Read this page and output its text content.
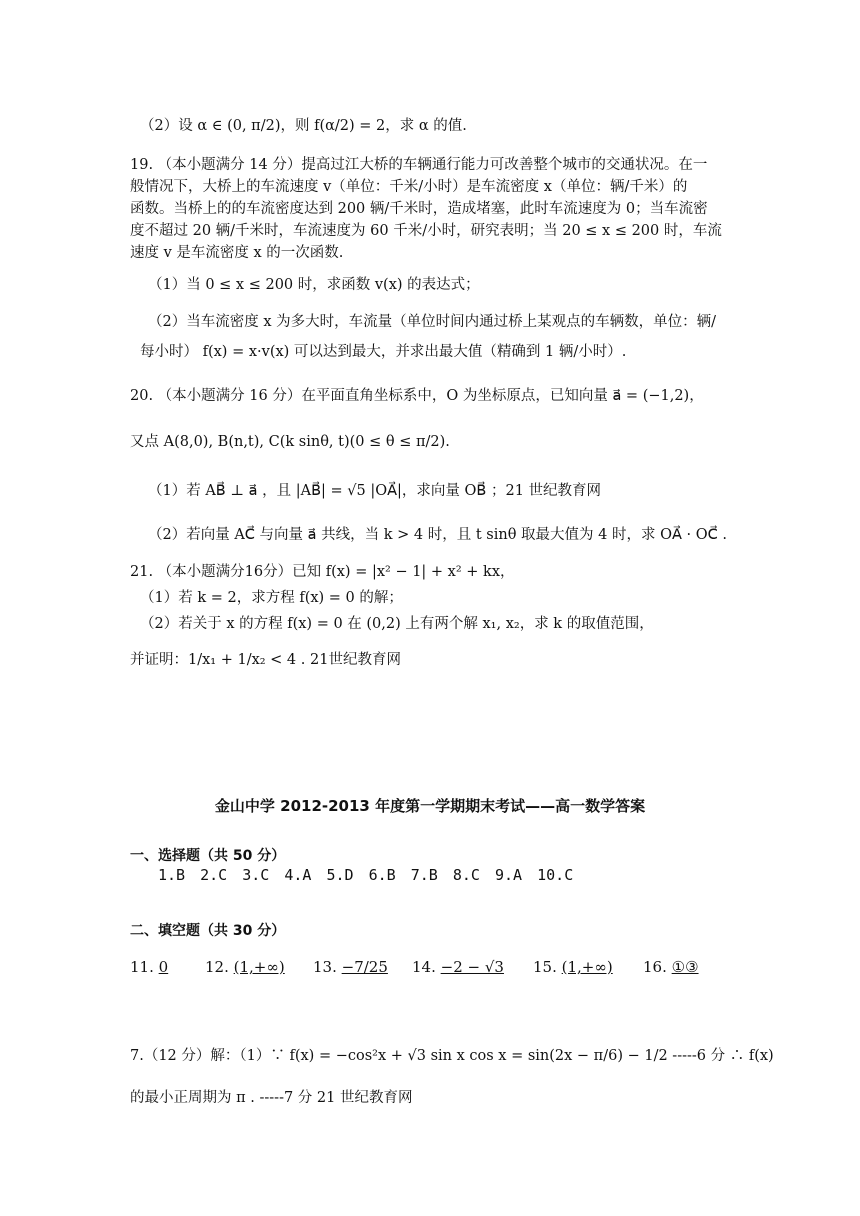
（2）设 α ∈ (0, π/2)，则 f(α/2) = 2，求 α 的值.
19. （本小题满分 14 分）提高过江大桥的车辆通行能力可改善整个城市的交通状况。在一
般情况下，大桥上的车流速度 v（单位：千米/小时）是车流密度 x（单位：辆/千米）的
函数。当桥上的的车流密度达到 200 辆/千米时，造成堵塞，此时车流速度为 0；当车流密
度不超过 20 辆/千米时，车流速度为 60 千米/小时，研究表明；当 20 ≤ x ≤ 200 时，车流
速度 v 是车流密度 x 的一次函数.
（1）当 0 ≤ x ≤ 200 时，求函数 v(x) 的表达式；
（2）当车流密度 x 为多大时，车流量（单位时间内通过桥上某观点的车辆数，单位：辆/
每小时） f(x) = x·v(x) 可以达到最大，并求出最大值（精确到 1 辆/小时）.
20. （本小题满分 16 分）在平面直角坐标系中，O 为坐标原点，已知向量 a⃗ = (−1,2)，
又点 A(8,0), B(n,t), C(k sinθ, t)(0 ≤ θ ≤ π/2).
（1）若 AB⃗ ⊥ a⃗ ，且 |AB⃗| = √5 |OA⃗|，求向量 OB⃗ ；21 世纪教育网
（2）若向量 AC⃗ 与向量 a⃗ 共线，当 k > 4 时，且 t sinθ 取最大值为 4 时，求 OA⃗ · OC⃗ .
21. （本小题满分16分）已知 f(x) = |x² − 1| + x² + kx，
（1）若 k = 2，求方程 f(x) = 0 的解；
（2）若关于 x 的方程 f(x) = 0 在 (0,2) 上有两个解 x₁, x₂，求 k 的取值范围，
并证明：1/x₁ + 1/x₂ < 4 . 21世纪教育网
金山中学 2012-2013 年度第一学期期末考试——高一数学答案
一、选择题（共 50 分）
1.B 2.C 3.C 4.A 5.D 6.B 7.B 8.C 9.A 10.C
二、填空题（共 30 分）
11. 0 12. (1,+∞) 13. −7/25 14. −2 − √3 15. (1,+∞) 16. ①③
7.（12 分）解：（1）∵ f(x) = −cos²x + √3 sin x cos x = sin(2x − π/6) − 1/2 -----6 分 ∴ f(x)
的最小正周期为 π . -----7 分 21 世纪教育网
